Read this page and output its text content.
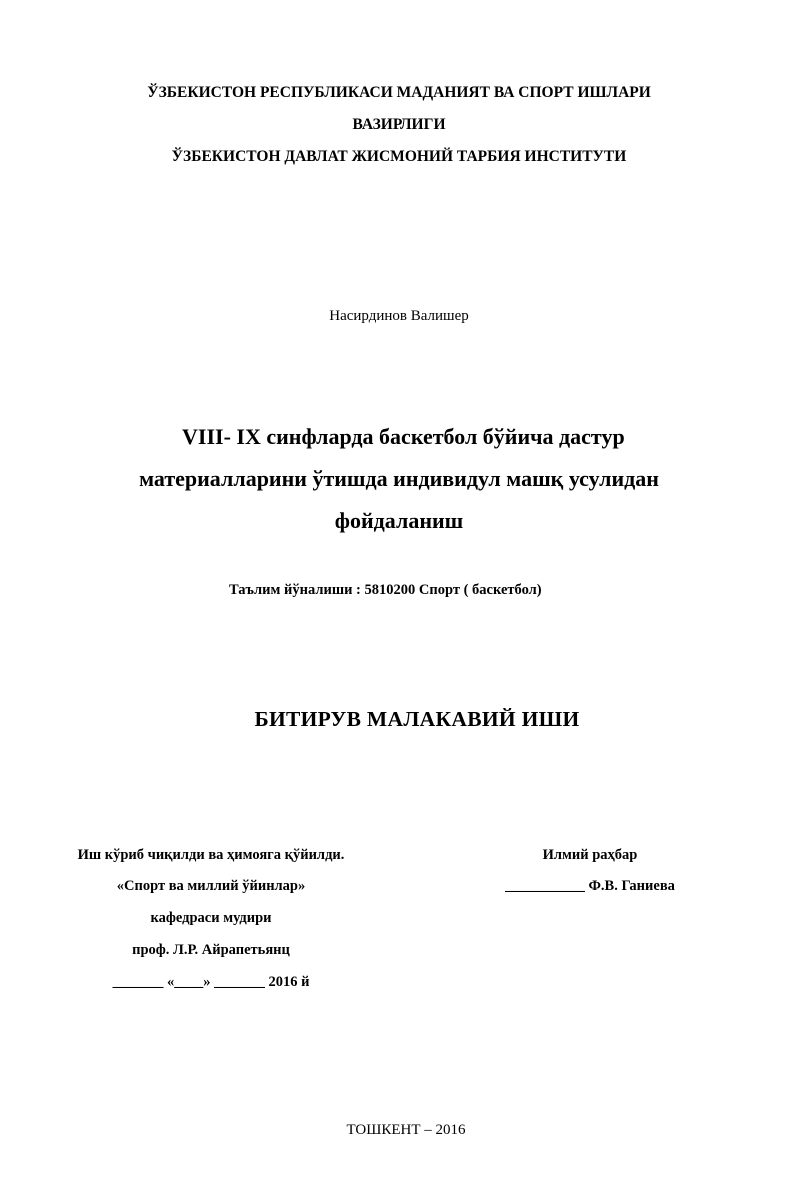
ЎЗБЕКИСТОН РЕСПУБЛИКАСИ МАДАНИЯТ ВА СПОРТ ИШЛАРИ
ВАЗИРЛИГИ
ЎЗБЕКИСТОН ДАВЛАТ ЖИСМОНИЙ ТАРБИЯ ИНСТИТУТИ
Насирдинов Валишер
VIII- IX синфларда баскетбол бўйича дастур
материалларини ўтишда индивидул машқ усулидан
фойдаланиш
Таълим йўналиши : 5810200 Спорт ( баскетбол)
БИТИРУВ МАЛАКАВИЙ ИШИ
Иш кўриб чиқилди ва ҳимояга қўйилди.
«Спорт ва миллий ўйинлар»
кафедраси мудири
проф. Л.Р. Айрапетьянц
_______ «____» _______ 2016 й
Илмий раҳбар
___________ Ф.В. Ганиева
ТОШКЕНТ – 2016
